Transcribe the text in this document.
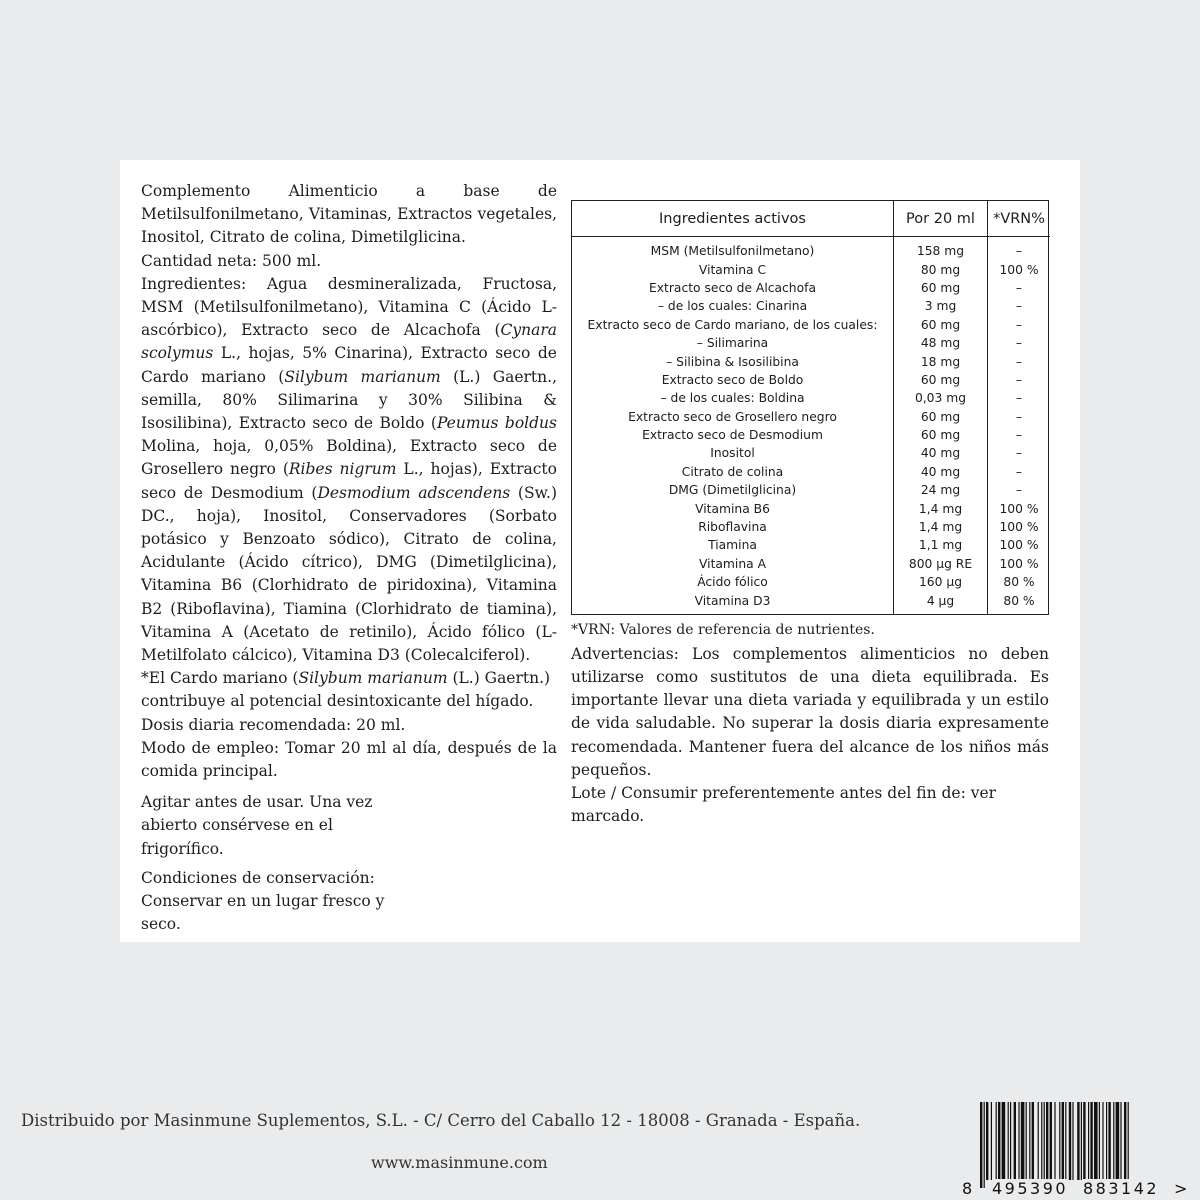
Complemento Alimenticio a base de Metilsulfonilmetano, Vitaminas, Extractos vegetales, Inositol, Citrato de colina, Dimetilglicina.

Cantidad neta: 500 ml.

Ingredientes: Agua desmineralizada, Fructosa, MSM (Metilsulfonilmetano), Vitamina C (Ácido L-ascórbico), Extracto seco de Alcachofa (Cynara scolymus L., hojas, 5% Cinarina), Extracto seco de Cardo mariano (Silybum marianum (L.) Gaertn., semilla, 80% Silimarina y 30% Silibina & Isosilibina), Extracto seco de Boldo (Peumus boldus Molina, hoja, 0,05% Boldina), Extracto seco de Grosellero negro (Ribes nigrum L., hojas), Extracto seco de Desmodium (Desmodium adscendens (Sw.) DC., hoja), Inositol, Conservadores (Sorbato potásico y Benzoato sódico), Citrato de colina, Acidulante (Ácido cítrico), DMG (Dimetilglicina), Vitamina B6 (Clorhidrato de piridoxina), Vitamina B2 (Riboflavina), Tiamina (Clorhidrato de tiamina), Vitamina A (Acetato de retinilo), Ácido fólico (L-Metilfolato cálcico), Vitamina D3 (Colecalciferol).

*El Cardo mariano (Silybum marianum (L.) Gaertn.) contribuye al potencial desintoxicante del hígado.

Dosis diaria recomendada: 20 ml.

Modo de empleo: Tomar 20 ml al día, después de la comida principal.

Agitar antes de usar. Una vez abierto consérvese en el frigorífico.

Condiciones de conservación: Conservar en un lugar fresco y seco.

Ingredientes activos	Por 20 ml	*VRN%
MSM (Metilsulfonilmetano)	158 mg	–
Vitamina C	80 mg	100 %
Extracto seco de Alcachofa	60 mg	–
– de los cuales: Cinarina	3 mg	–
Extracto seco de Cardo mariano, de los cuales:	60 mg	–
– Silimarina	48 mg	–
– Silibina & Isosilibina	18 mg	–
Extracto seco de Boldo	60 mg	–
– de los cuales: Boldina	0,03 mg	–
Extracto seco de Grosellero negro	60 mg	–
Extracto seco de Desmodium	60 mg	–
Inositol	40 mg	–
Citrato de colina	40 mg	–
DMG (Dimetilglicina)	24 mg	–
Vitamina B6	1,4 mg	100 %
Riboflavina	1,4 mg	100 %
Tiamina	1,1 mg	100 %
Vitamina A	800 µg RE	100 %
Ácido fólico	160 µg	80 %
Vitamina D3	4 µg	80 %
*VRN: Valores de referencia de nutrientes.
Advertencias: Los complementos alimenticios no deben utilizarse como sustitutos de una dieta equilibrada. Es importante llevar una dieta variada y equilibrada y un estilo de vida saludable. No superar la dosis diaria expresamente recomendada. Mantener fuera del alcance de los niños más pequeños.
Lote / Consumir preferentemente antes del fin de: ver marcado.
Distribuido por Masinmune Suplementos, S.L. - C/ Cerro del Caballo 12 - 18008 - Granada - España.
www.masinmune.com
8 495390 883142 >
